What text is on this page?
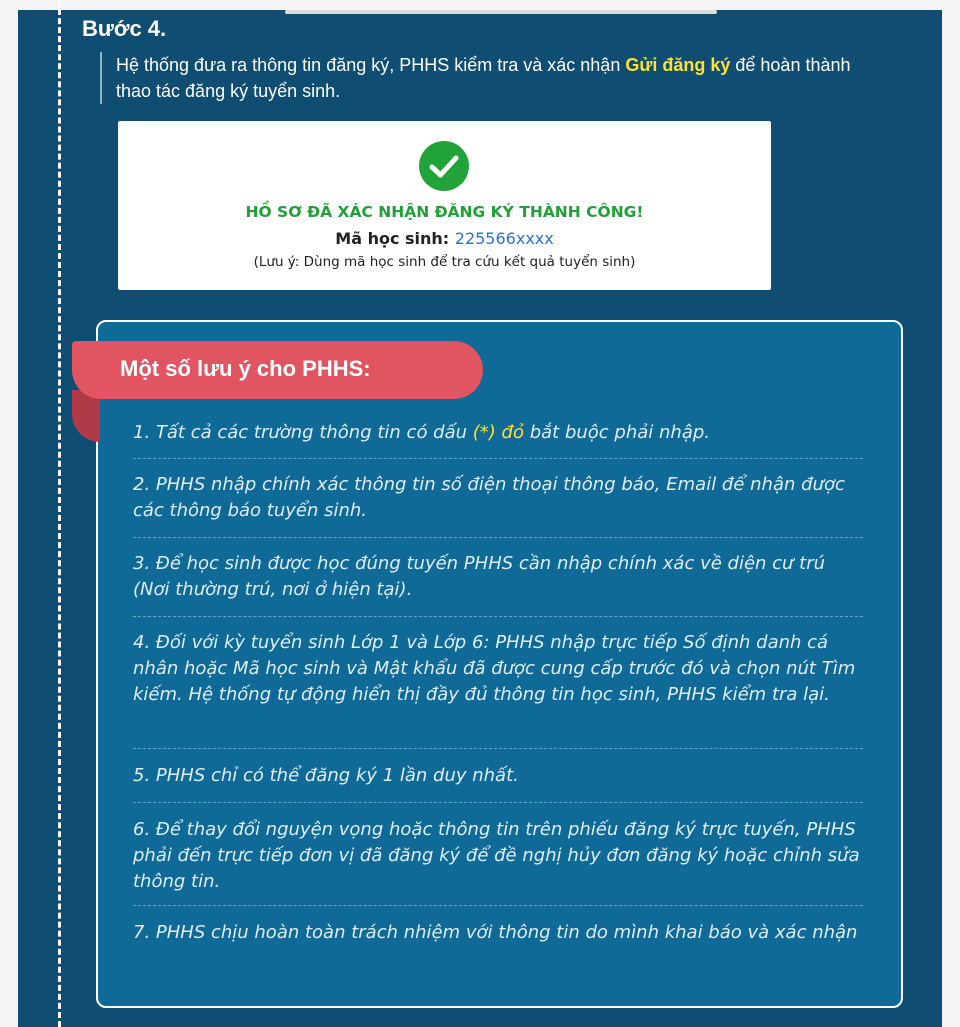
Bước 4.

Hệ thống đưa ra thông tin đăng ký, PHHS kiểm tra và xác nhận Gửi đăng ký để hoàn thành thao tác đăng ký tuyển sinh.

HỒ SƠ ĐÃ XÁC NHẬN ĐĂNG KÝ THÀNH CÔNG!
Mã học sinh: 225566xxxx
(Lưu ý: Dùng mã học sinh để tra cứu kết quả tuyển sinh)
Một số lưu ý cho PHHS:
1. Tất cả các trường thông tin có dấu (*) đỏ bắt buộc phải nhập.
2. PHHS nhập chính xác thông tin số điện thoại thông báo, Email để nhận được các thông báo tuyển sinh.
3. Để học sinh được học đúng tuyến PHHS cần nhập chính xác về diện cư trú (Nơi thường trú, nơi ở hiện tại).
4. Đối với kỳ tuyển sinh Lớp 1 và Lớp 6: PHHS nhập trực tiếp Số định danh cá nhân hoặc Mã học sinh và Mật khẩu đã được cung cấp trước đó và chọn nút Tìm kiếm. Hệ thống tự động hiển thị đầy đủ thông tin học sinh, PHHS kiểm tra lại.
5. PHHS chỉ có thể đăng ký 1 lần duy nhất.
6. Để thay đổi nguyện vọng hoặc thông tin trên phiếu đăng ký trực tuyến, PHHS phải đến trực tiếp đơn vị đã đăng ký để đề nghị hủy đơn đăng ký hoặc chỉnh sửa thông tin.
7. PHHS chịu hoàn toàn trách nhiệm với thông tin do mình khai báo và xác nhận
